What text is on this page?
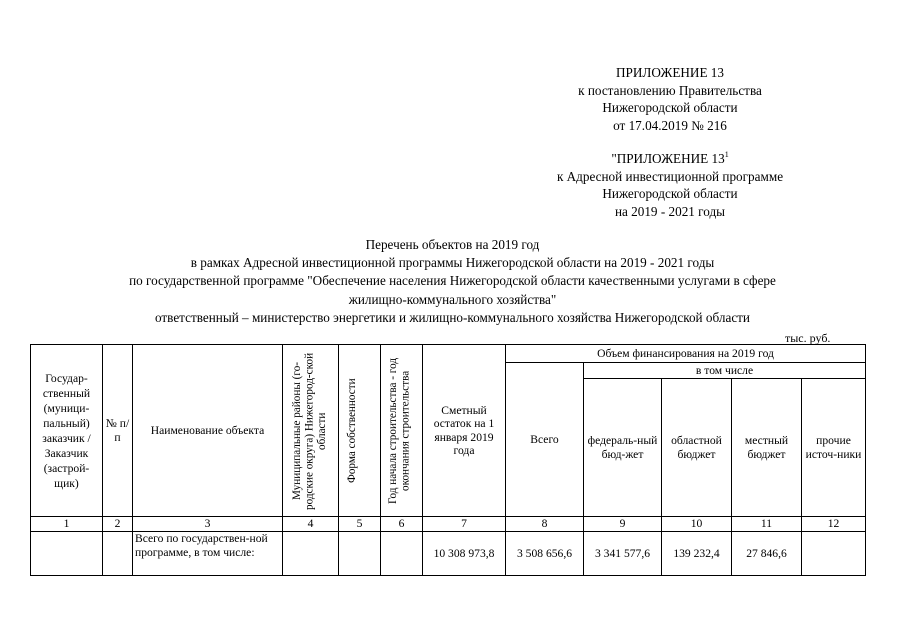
ПРИЛОЖЕНИЕ 13
к постановлению Правительства
Нижегородской области
от 17.04.2019 № 216
"ПРИЛОЖЕНИЕ $13^1$
к Адресной инвестиционной программе
Нижегородской области
на 2019 - 2021 годы
Перечень объектов на 2019 год
в рамках Адресной инвестиционной программы Нижегородской области на 2019 - 2021 годы
по государственной программе "Обеспечение населения Нижегородской области качественными услугами в сфере
жилищно-коммунального хозяйства"
ответственный – министерство энергетики и жилищно-коммунального хозяйства Нижегородской области
тыс. руб.
Государ-ственный (муници-пальный) заказчик / Заказчик (застрой-щик)	№ п/п	Наименование объекта	Муниципальные районы (го-родские округа) Нижегород-ской области	Форма собственности	Год начала строительства - год окончания строительства	Сметный остаток на 1 января 2019 года	Объем финансирования на 2019 год				
							Всего	в том числе			
								федераль-ный бюд-жет	областной бюджет	местный бюджет	прочие источ-ники
1	2	3	4	5	6	7	8	9	10	11	12
		Всего по государствен-ной программе, в том числе:				10 308 973,8	3 508 656,6	3 341 577,6	139 232,4	27 846,6	
